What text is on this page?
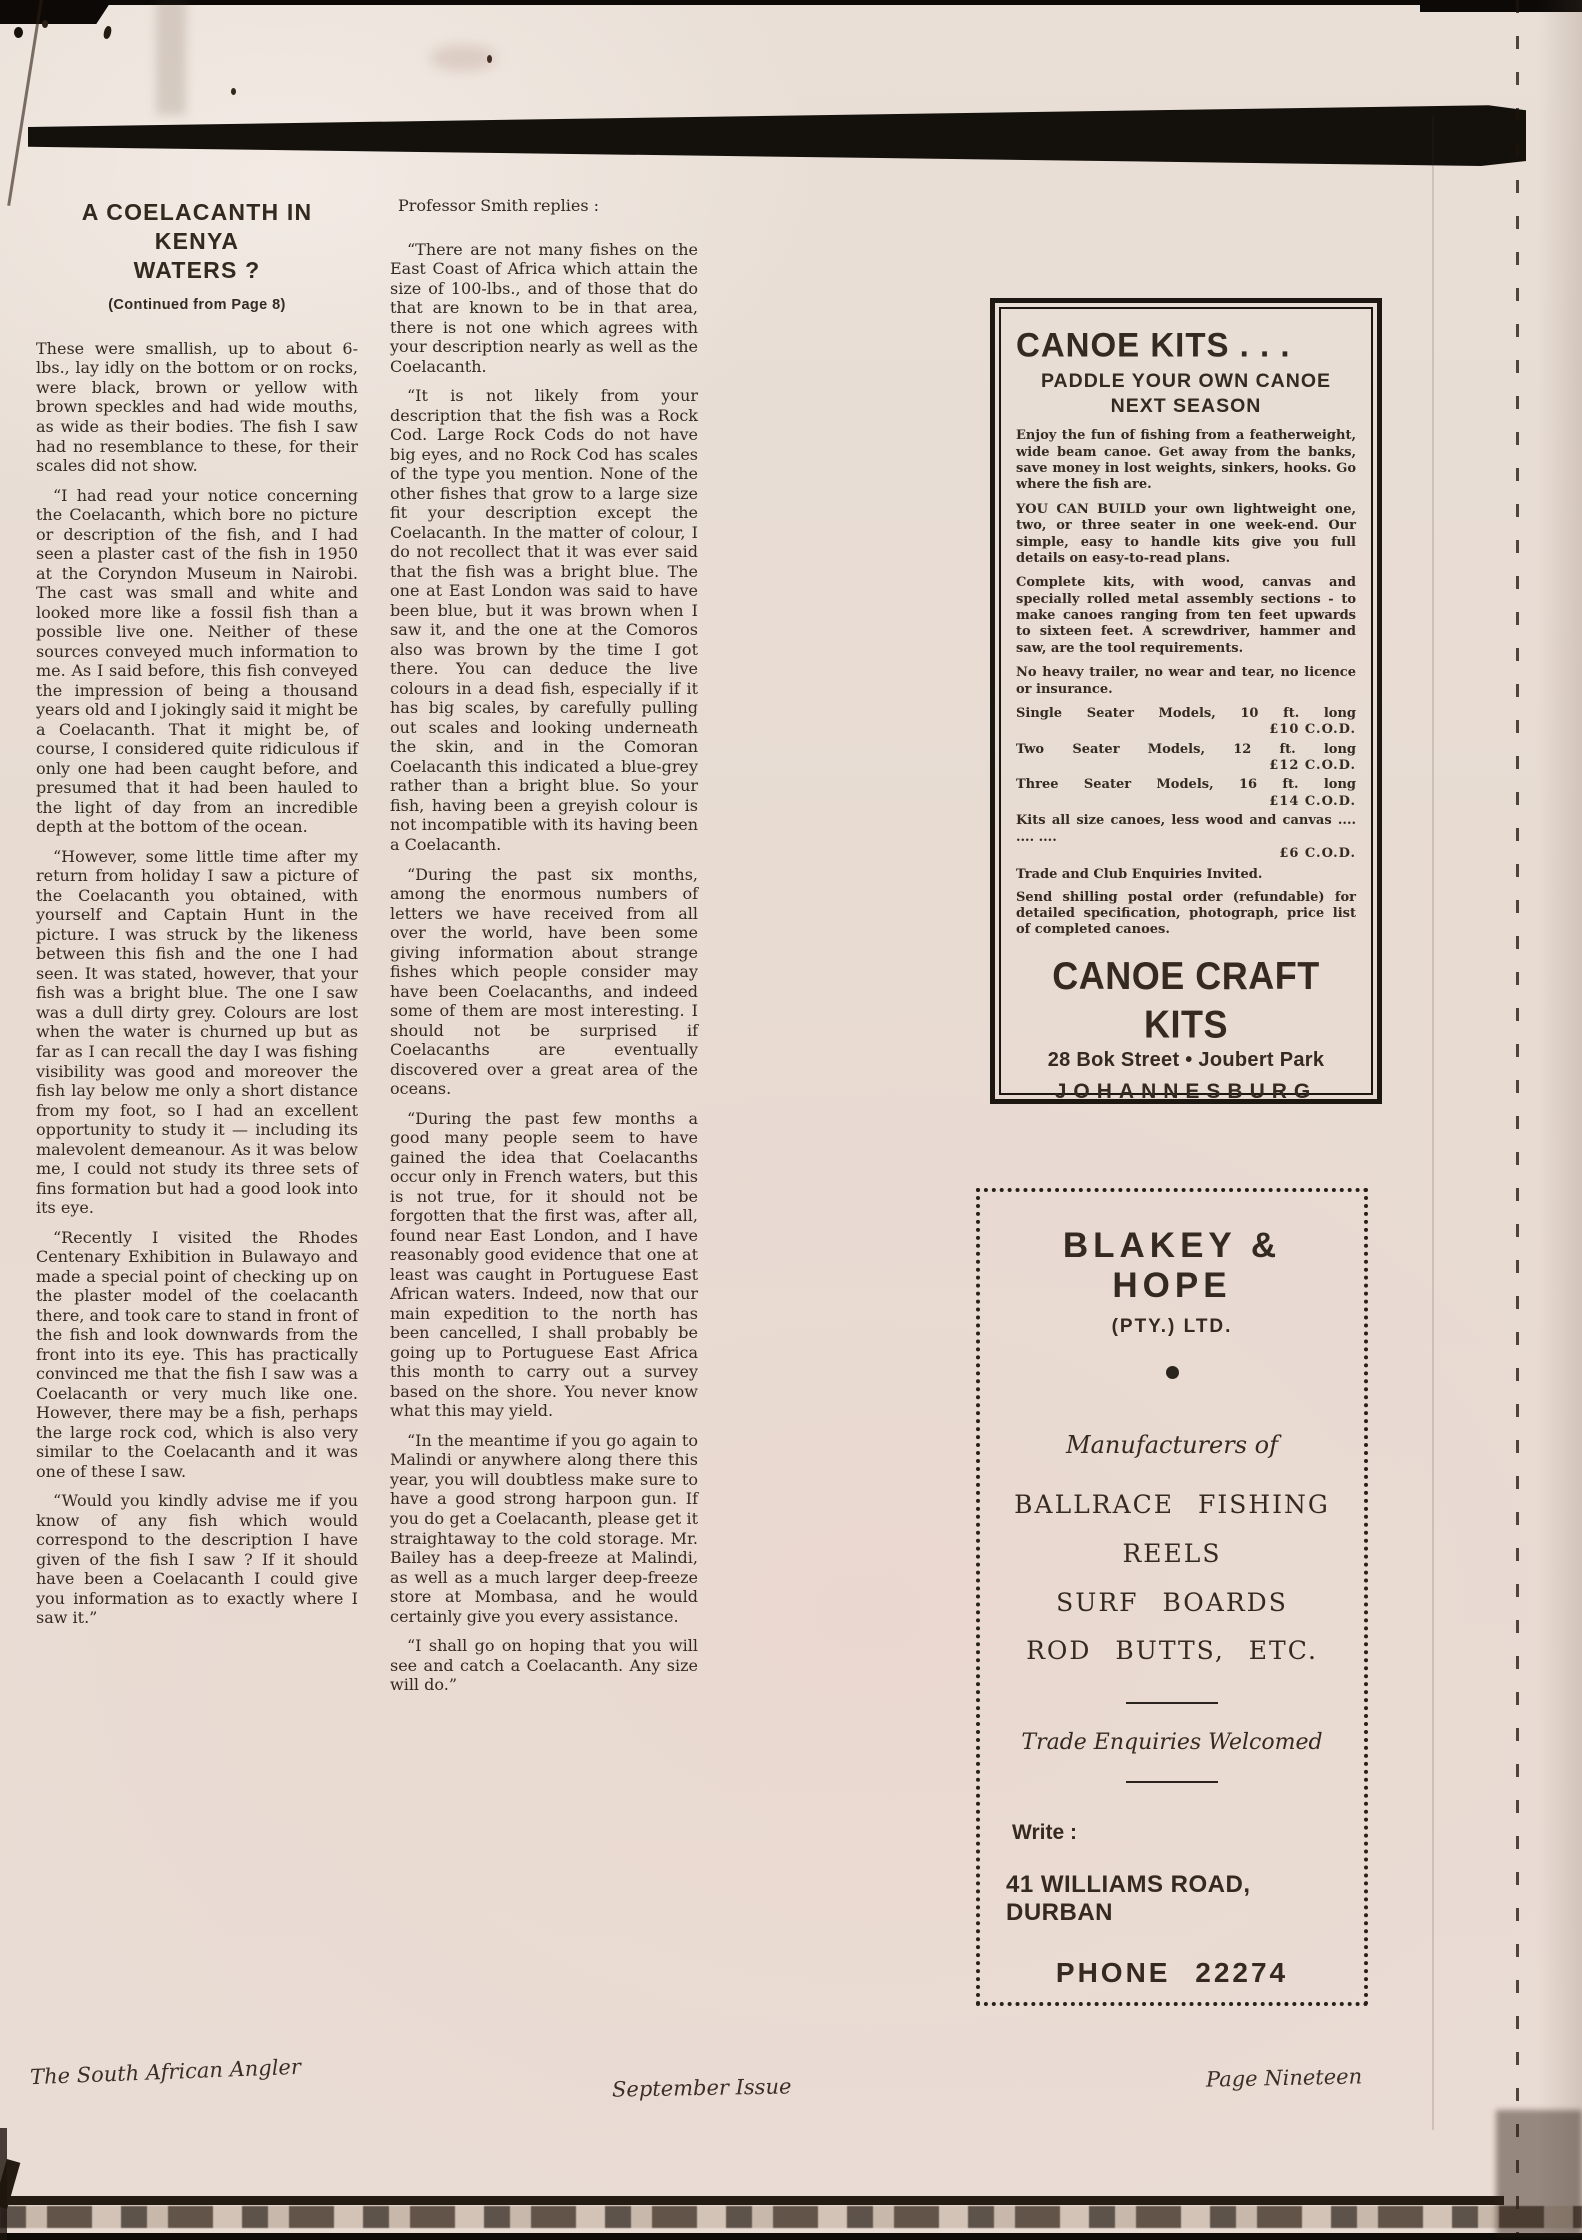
A COELACANTH IN KENYA
WATERS ?
(Continued from Page 8)

These were smallish, up to about 6-lbs., lay idly on the bottom or on rocks, were black, brown or yellow with brown speckles and had wide mouths, as wide as their bodies. The fish I saw had no resemblance to these, for their scales did not show.

“I had read your notice concerning the Coelacanth, which bore no picture or description of the fish, and I had seen a plaster cast of the fish in 1950 at the Coryndon Museum in Nairobi. The cast was small and white and looked more like a fossil fish than a possible live one. Neither of these sources conveyed much information to me. As I said before, this fish conveyed the impression of being a thousand years old and I jokingly said it might be a Coelacanth. That it might be, of course, I considered quite ridiculous if only one had been caught before, and presumed that it had been hauled to the light of day from an incredible depth at the bottom of the ocean.

“However, some little time after my return from holiday I saw a picture of the Coelacanth you obtained, with yourself and Captain Hunt in the picture. I was struck by the likeness between this fish and the one I had seen. It was stated, however, that your fish was a bright blue. The one I saw was a dull dirty grey. Colours are lost when the water is churned up but as far as I can recall the day I was fishing visibility was good and moreover the fish lay below me only a short distance from my foot, so I had an excellent opportunity to study it — including its malevolent demeanour. As it was below me, I could not study its three sets of fins formation but had a good look into its eye.

“Recently I visited the Rhodes Centenary Exhibition in Bulawayo and made a special point of checking up on the plaster model of the coelacanth there, and took care to stand in front of the fish and look downwards from the front into its eye. This has practically convinced me that the fish I saw was a Coelacanth or very much like one. However, there may be a fish, perhaps the large rock cod, which is also very similar to the Coelacanth and it was one of these I saw.

“Would you kindly advise me if you know of any fish which would correspond to the description I have given of the fish I saw ? If it should have been a Coelacanth I could give you information as to exactly where I saw it.”

Professor Smith replies :

“There are not many fishes on the East Coast of Africa which attain the size of 100-lbs., and of those that do that are known to be in that area, there is not one which agrees with your description nearly as well as the Coelacanth.

“It is not likely from your description that the fish was a Rock Cod. Large Rock Cods do not have big eyes, and no Rock Cod has scales of the type you mention. None of the other fishes that grow to a large size fit your description except the Coelacanth. In the matter of colour, I do not recollect that it was ever said that the fish was a bright blue. The one at East London was said to have been blue, but it was brown when I saw it, and the one at the Comoros also was brown by the time I got there. You can deduce the live colours in a dead fish, especially if it has big scales, by carefully pulling out scales and looking underneath the skin, and in the Comoran Coelacanth this indicated a blue-grey rather than a bright blue. So your fish, having been a greyish colour is not incompatible with its having been a Coelacanth.

“During the past six months, among the enormous numbers of letters we have received from all over the world, have been some giving information about strange fishes which people consider may have been Coelacanths, and indeed some of them are most interesting. I should not be surprised if Coelacanths are eventually discovered over a great area of the oceans.

“During the past few months a good many people seem to have gained the idea that Coelacanths occur only in French waters, but this is not true, for it should not be forgotten that the first was, after all, found near East London, and I have reasonably good evidence that one at least was caught in Portuguese East African waters. Indeed, now that our main expedition to the north has been cancelled, I shall probably be going up to Portuguese East Africa this month to carry out a survey based on the shore. You never know what this may yield.

“In the meantime if you go again to Malindi or anywhere along there this year, you will doubtless make sure to have a good strong harpoon gun. If you do get a Coelacanth, please get it straightaway to the cold storage. Mr. Bailey has a deep-freeze at Malindi, as well as a much larger deep-freeze store at Mombasa, and he would certainly give you every assistance.

“I shall go on hoping that you will see and catch a Coelacanth. Any size will do.”

CANOE KITS . . .
PADDLE YOUR OWN CANOE
NEXT SEASON

Enjoy the fun of fishing from a featherweight, wide beam canoe. Get away from the banks, save money in lost weights, sinkers, hooks. Go where the fish are.

YOU CAN BUILD your own lightweight one, two, or three seater in one week-end. Our simple, easy to handle kits give you full details on easy-to-read plans.

Complete kits, with wood, canvas and specially rolled metal assembly sections - to make canoes ranging from ten feet upwards to sixteen feet. A screwdriver, hammer and saw, are the tool requirements.

No heavy trailer, no wear and tear, no licence or insurance.

Single Seater Models, 10 ft. long
£10 C.O.D.
Two Seater Models, 12 ft. long
£12 C.O.D.
Three Seater Models, 16 ft. long
£14 C.O.D.
Kits all size canoes, less wood and canvas .... .... ....
£6 C.O.D.
Trade and Club Enquiries Invited.
Send shilling postal order (refundable) for detailed specification, photograph, price list of completed canoes.
CANOE CRAFT KITS
28 Bok Street • Joubert Park
JOHANNESBURG
BLAKEY & HOPE
(PTY.) LTD.
Manufacturers of
BALLRACE FISHING
REELS
SURF BOARDS
ROD BUTTS, ETC.
Trade Enquiries Welcomed
Write :
41 WILLIAMS ROAD, DURBAN
PHONE 22274
The South African Angler	September Issue	Page Nineteen
